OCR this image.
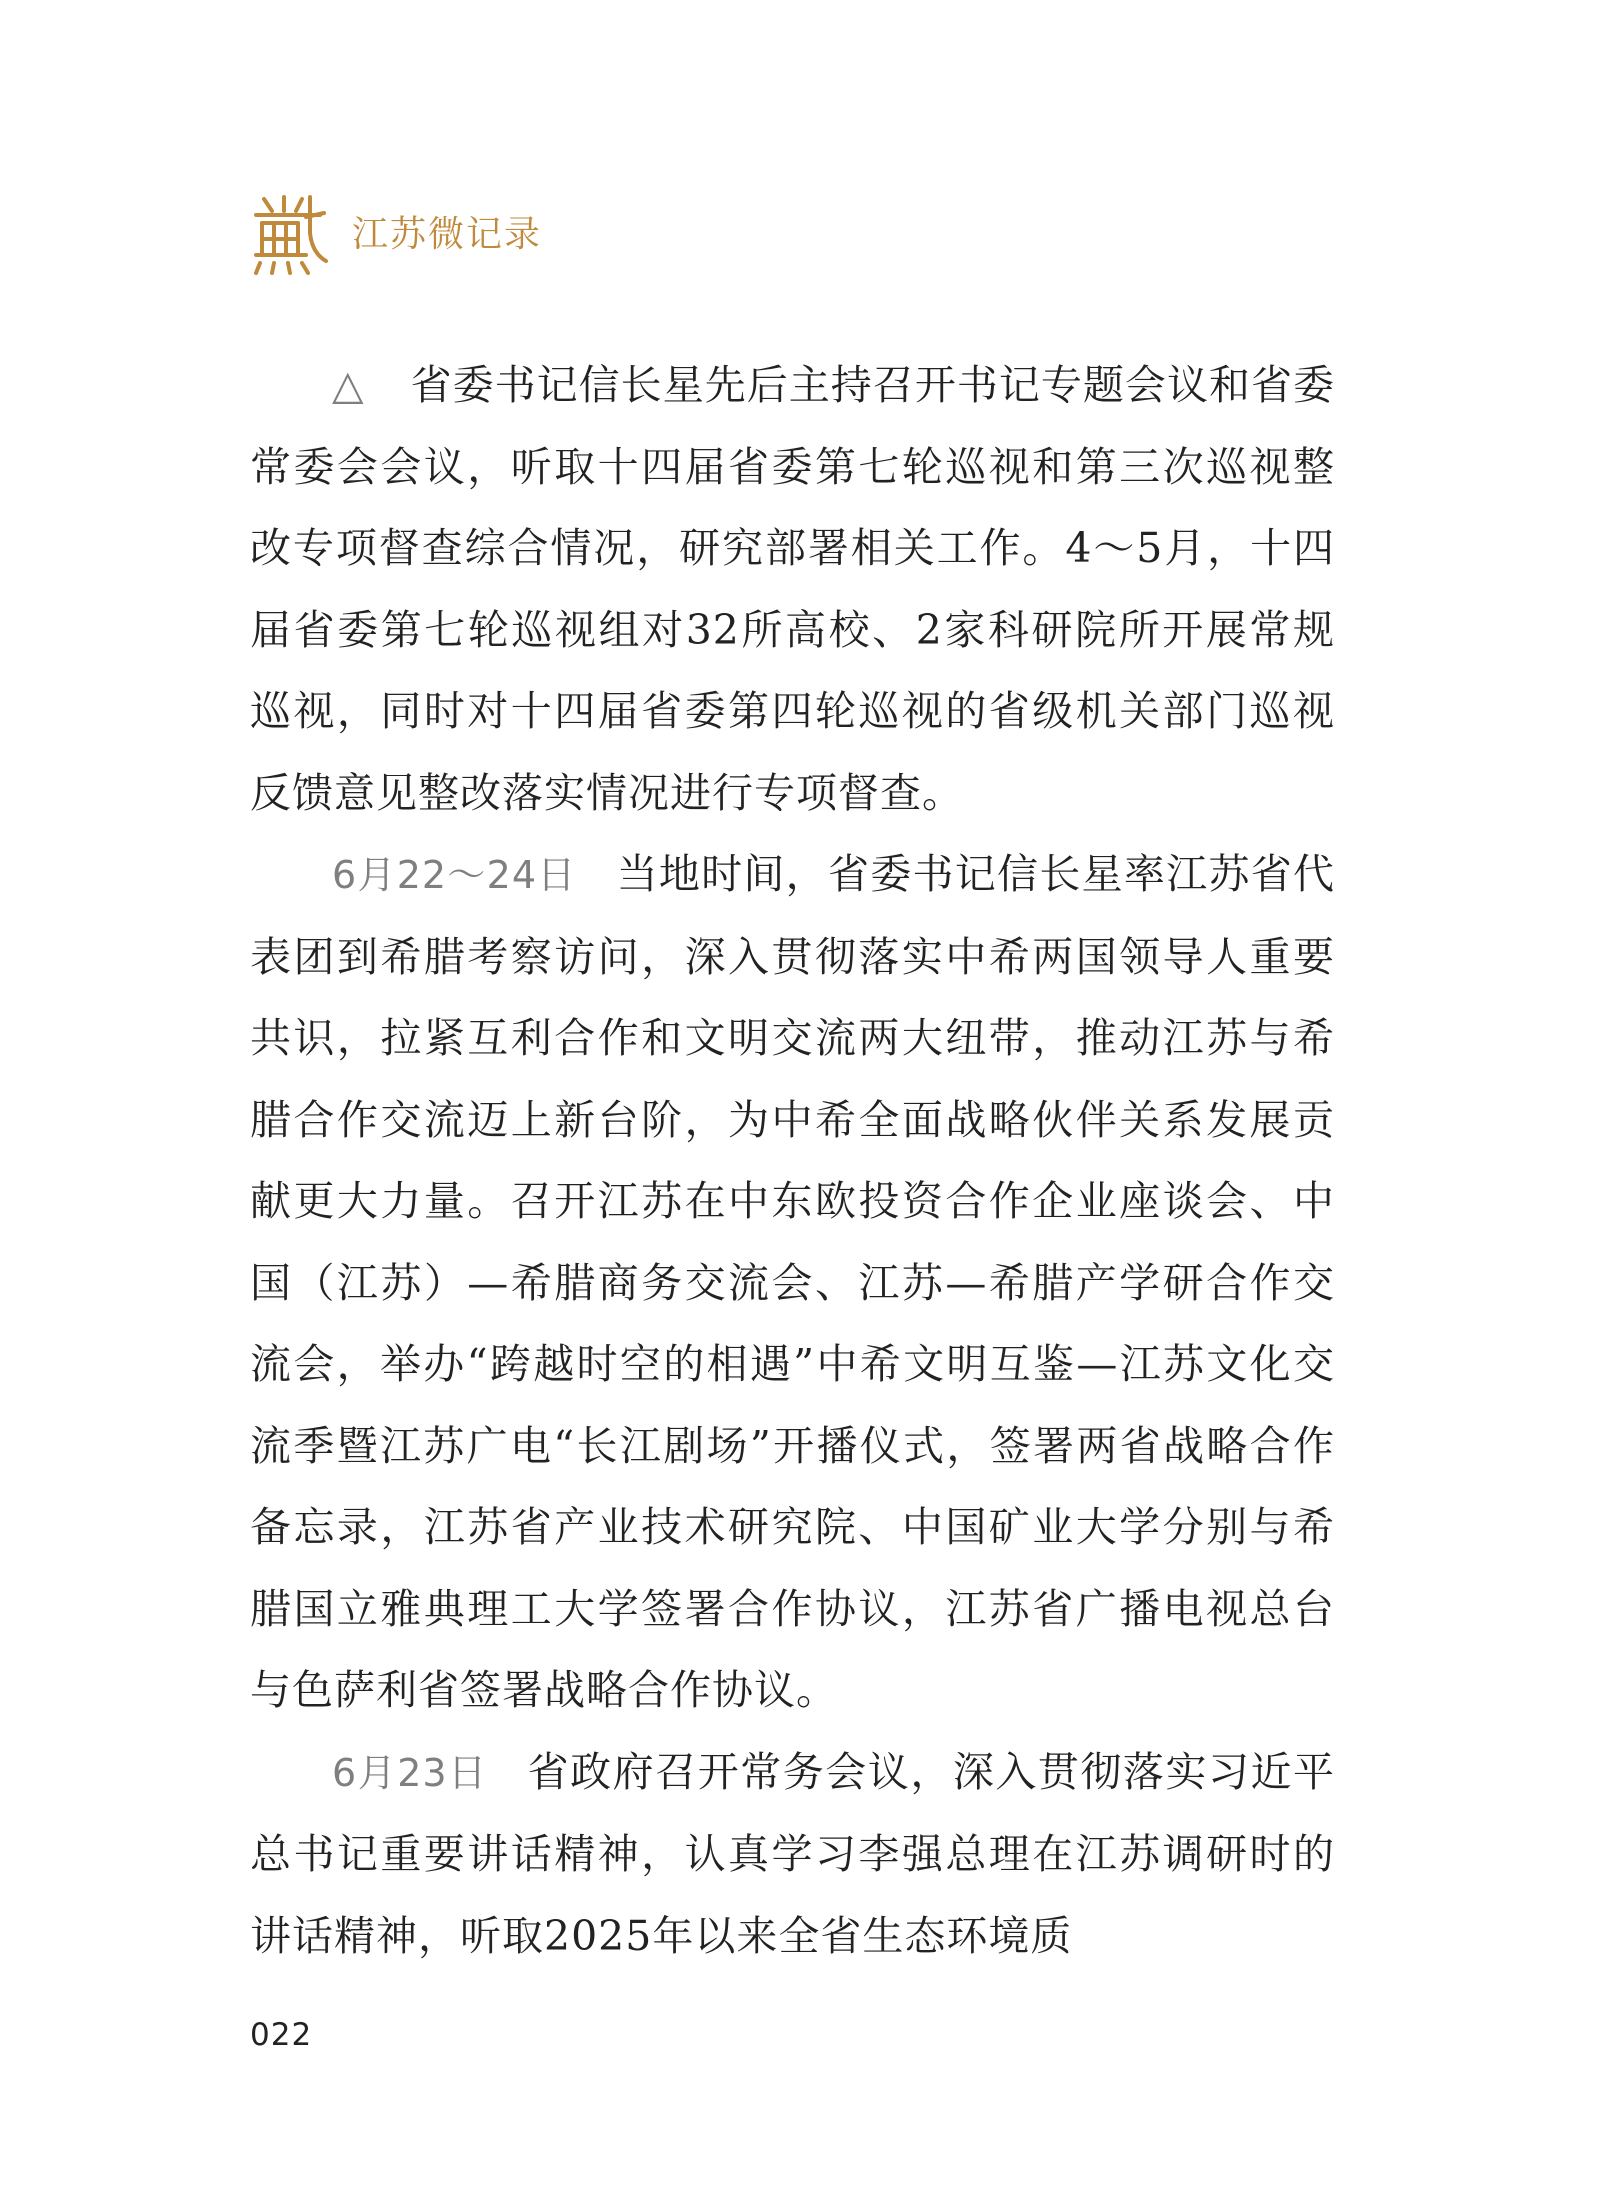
江苏微记录

△ 省委书记信长星先后主持召开书记专题会议和省委常委会会议，听取十四届省委第七轮巡视和第三次巡视整改专项督查综合情况，研究部署相关工作。4～5月，十四届省委第七轮巡视组对32所高校、2家科研院所开展常规巡视，同时对十四届省委第四轮巡视的省级机关部门巡视反馈意见整改落实情况进行专项督查。

6月22～24日 当地时间，省委书记信长星率江苏省代表团到希腊考察访问，深入贯彻落实中希两国领导人重要共识，拉紧互利合作和文明交流两大纽带，推动江苏与希腊合作交流迈上新台阶，为中希全面战略伙伴关系发展贡献更大力量。召开江苏在中东欧投资合作企业座谈会、中国（江苏）—希腊商务交流会、江苏—希腊产学研合作交流会，举办“跨越时空的相遇”中希文明互鉴—江苏文化交流季暨江苏广电“长江剧场”开播仪式，签署两省战略合作备忘录，江苏省产业技术研究院、中国矿业大学分别与希腊国立雅典理工大学签署合作协议，江苏省广播电视总台与色萨利省签署战略合作协议。

6月23日 省政府召开常务会议，深入贯彻落实习近平总书记重要讲话精神，认真学习李强总理在江苏调研时的讲话精神，听取2025年以来全省生态环境质

022
